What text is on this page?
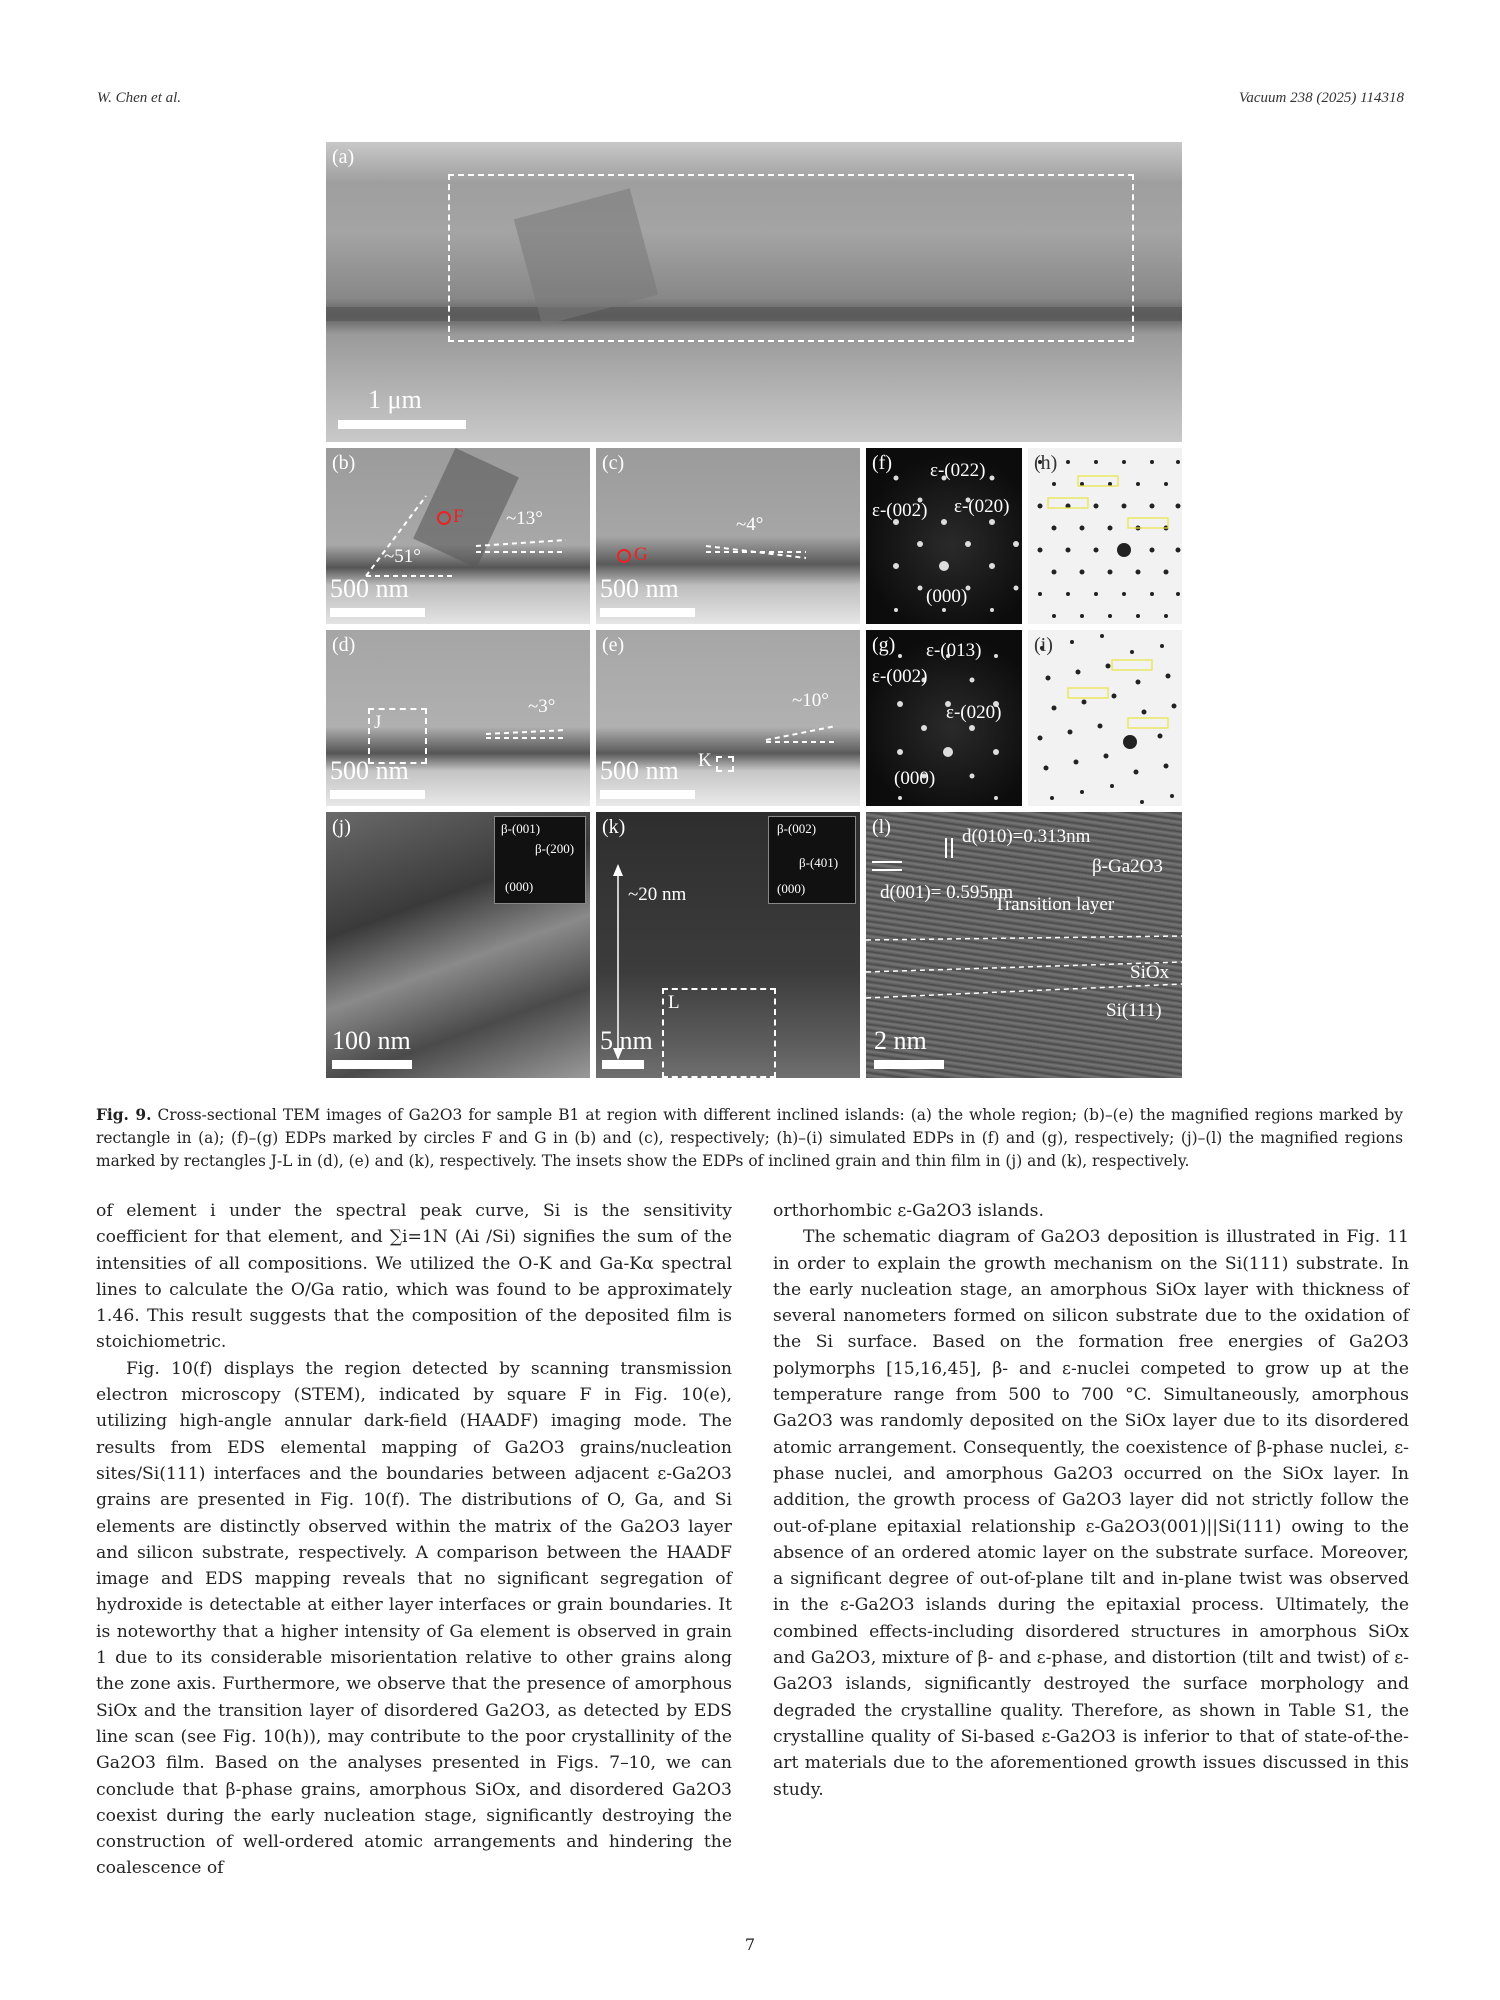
W. Chen et al.	Vacuum 238 (2025) 114318
(a)
1 μm
(b)
F ~13°
~51°
500 nm
(c)
G
~4°
500 nm
(f) ε-(022)
ε-(002) ε-(020)
(000)
(h)
(d)
J
~3°
500 nm
(e)
~10°
K
500 nm
(g) ε-(013)
ε-(002)
ε-(020)
(000)
(i)
(j)	β-(001)
β-(200)
(000)
100 nm
(k)	β-(002)
β-(401)
(000)
~20 nm
L
5 nm
(l)	d(010)=0.313nm
β-Ga2O3
d(001)= 0.595nm
Transition layer
SiOx
Si(111)
2 nm
Fig. 9. Cross-sectional TEM images of Ga2O3 for sample B1 at region with different inclined islands: (a) the whole region; (b)–(e) the magnified regions marked by rectangle in (a); (f)–(g) EDPs marked by circles F and G in (b) and (c), respectively; (h)–(i) simulated EDPs in (f) and (g), respectively; (j)–(l) the magnified regions marked by rectangles J-L in (d), (e) and (k), respectively. The insets show the EDPs of inclined grain and thin film in (j) and (k), respectively.

of element i under the spectral peak curve, Si is the sensitivity coefficient for that element, and ∑i=1N (Ai /Si) signifies the sum of the intensities of all compositions. We utilized the O-K and Ga-Kα spectral lines to calculate the O/Ga ratio, which was found to be approximately 1.46. This result suggests that the composition of the deposited film is stoichiometric.

Fig. 10(f) displays the region detected by scanning transmission electron microscopy (STEM), indicated by square F in Fig. 10(e), utilizing high-angle annular dark-field (HAADF) imaging mode. The results from EDS elemental mapping of Ga2O3 grains/nucleation sites/Si(111) interfaces and the boundaries between adjacent ε-Ga2O3 grains are presented in Fig. 10(f). The distributions of O, Ga, and Si elements are distinctly observed within the matrix of the Ga2O3 layer and silicon substrate, respectively. A comparison between the HAADF image and EDS mapping reveals that no significant segregation of hydroxide is detectable at either layer interfaces or grain boundaries. It is noteworthy that a higher intensity of Ga element is observed in grain 1 due to its considerable misorientation relative to other grains along the zone axis. Furthermore, we observe that the presence of amorphous SiOx and the transition layer of disordered Ga2O3, as detected by EDS line scan (see Fig. 10(h)), may contribute to the poor crystallinity of the Ga2O3 film. Based on the analyses presented in Figs. 7–10, we can conclude that β-phase grains, amorphous SiOx, and disordered Ga2O3 coexist during the early nucleation stage, significantly destroying the construction of well-ordered atomic arrangements and hindering the coalescence of

orthorhombic ε-Ga2O3 islands.

The schematic diagram of Ga2O3 deposition is illustrated in Fig. 11 in order to explain the growth mechanism on the Si(111) substrate. In the early nucleation stage, an amorphous SiOx layer with thickness of several nanometers formed on silicon substrate due to the oxidation of the Si surface. Based on the formation free energies of Ga2O3 polymorphs [15,16,45], β- and ε-nuclei competed to grow up at the temperature range from 500 to 700 °C. Simultaneously, amorphous Ga2O3 was randomly deposited on the SiOx layer due to its disordered atomic arrangement. Consequently, the coexistence of β-phase nuclei, ε-phase nuclei, and amorphous Ga2O3 occurred on the SiOx layer. In addition, the growth process of Ga2O3 layer did not strictly follow the out-of-plane epitaxial relationship ε-Ga2O3(001)||Si(111) owing to the absence of an ordered atomic layer on the substrate surface. Moreover, a significant degree of out-of-plane tilt and in-plane twist was observed in the ε-Ga2O3 islands during the epitaxial process. Ultimately, the combined effects-including disordered structures in amorphous SiOx and Ga2O3, mixture of β- and ε-phase, and distortion (tilt and twist) of ε-Ga2O3 islands, significantly destroyed the surface morphology and degraded the crystalline quality. Therefore, as shown in Table S1, the crystalline quality of Si-based ε-Ga2O3 is inferior to that of state-of-the-art materials due to the aforementioned growth issues discussed in this study.

7
